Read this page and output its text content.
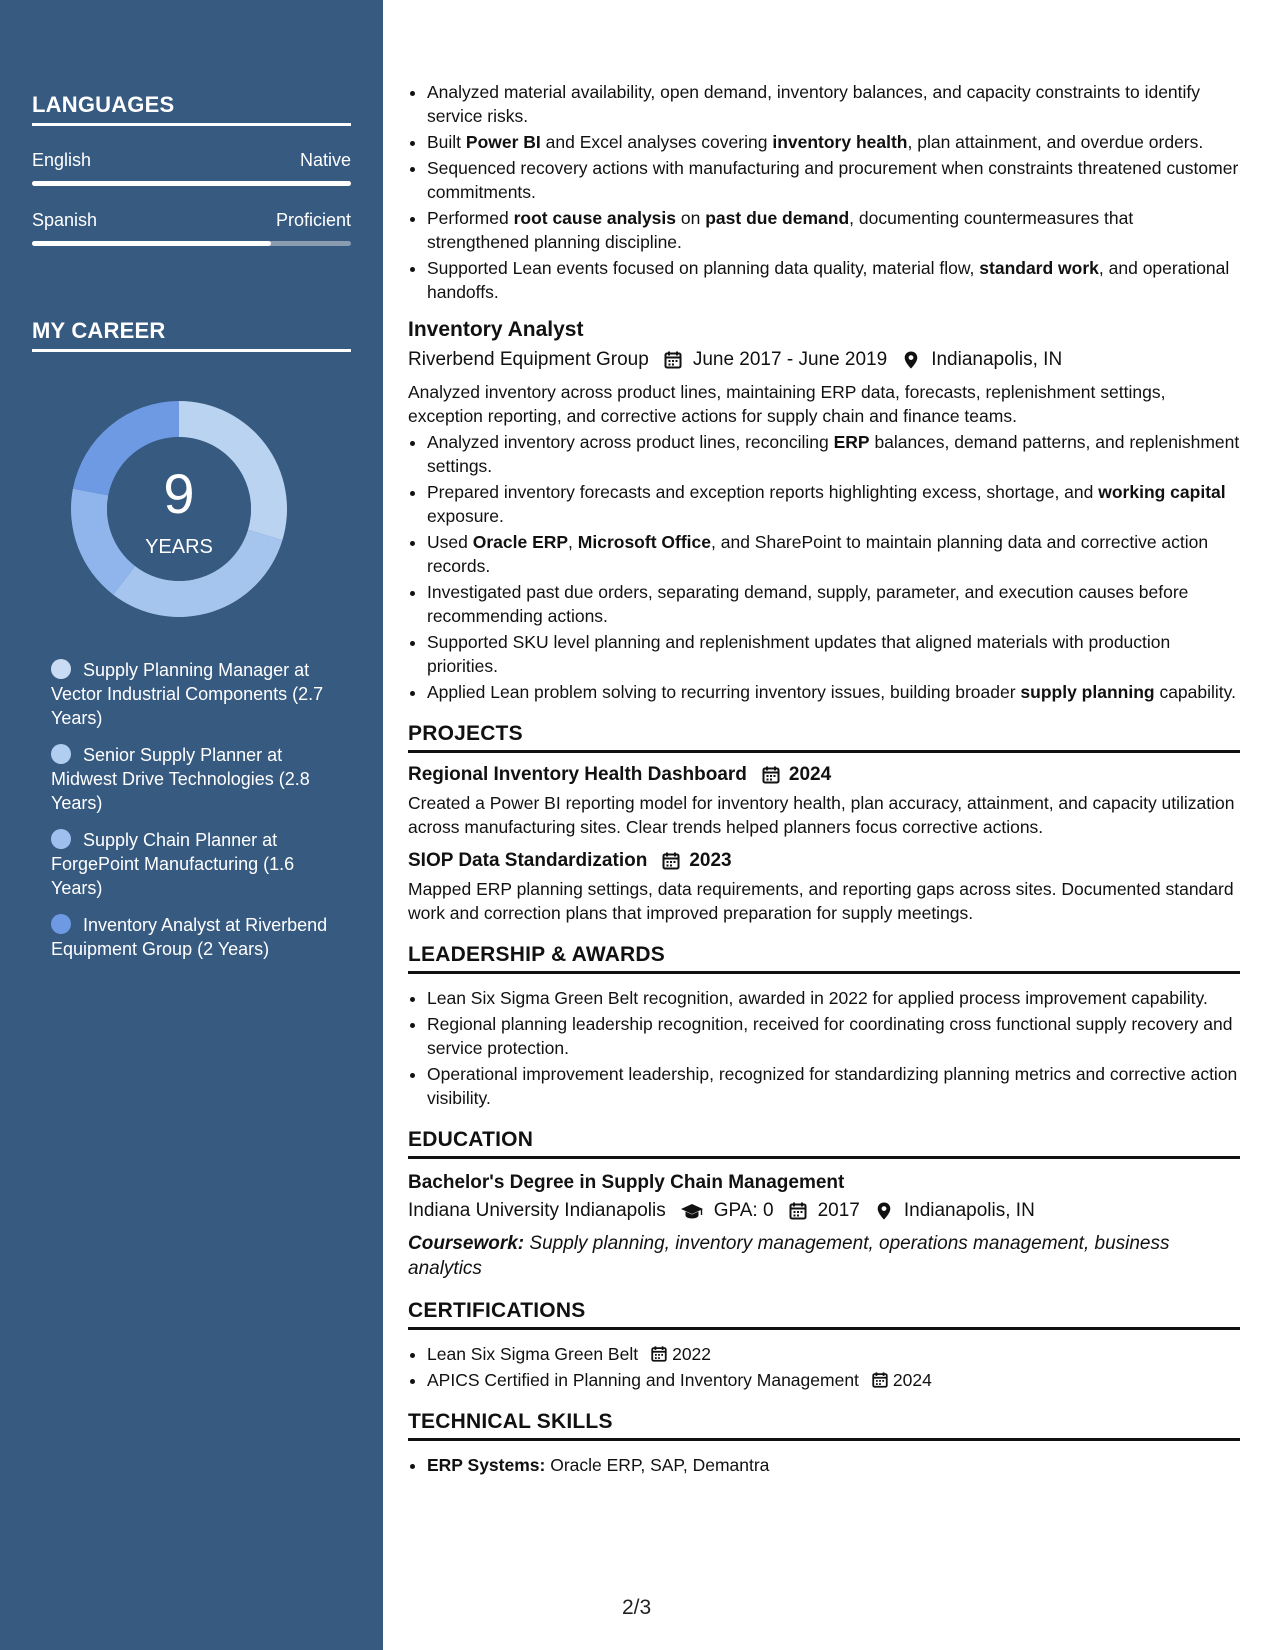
LANGUAGES
English	Native
Spanish	Proficient
MY CAREER
9
YEARS
Supply Planning Manager at Vector Industrial Components (2.7 Years)
Senior Supply Planner at Midwest Drive Technologies (2.8 Years)
Supply Chain Planner at ForgePoint Manufacturing (1.6 Years)
Inventory Analyst at Riverbend Equipment Group (2 Years)
• Analyzed material availability, open demand, inventory balances, and capacity constraints to identify service risks.
• Built Power BI and Excel analyses covering inventory health, plan attainment, and overdue orders.
• Sequenced recovery actions with manufacturing and procurement when constraints threatened customer commitments.
• Performed root cause analysis on past due demand, documenting countermeasures that strengthened planning discipline.
• Supported Lean events focused on planning data quality, material flow, standard work, and operational handoffs.
Inventory Analyst
Riverbend Equipment Group June 2017 - June 2019 Indianapolis, IN
Analyzed inventory across product lines, maintaining ERP data, forecasts, replenishment settings, exception reporting, and corrective actions for supply chain and finance teams.
• Analyzed inventory across product lines, reconciling ERP balances, demand patterns, and replenishment settings.
• Prepared inventory forecasts and exception reports highlighting excess, shortage, and working capital exposure.
• Used Oracle ERP, Microsoft Office, and SharePoint to maintain planning data and corrective action records.
• Investigated past due orders, separating demand, supply, parameter, and execution causes before recommending actions.
• Supported SKU level planning and replenishment updates that aligned materials with production priorities.
• Applied Lean problem solving to recurring inventory issues, building broader supply planning capability.
PROJECTS
Regional Inventory Health Dashboard 2024
Created a Power BI reporting model for inventory health, plan accuracy, attainment, and capacity utilization across manufacturing sites. Clear trends helped planners focus corrective actions.
SIOP Data Standardization 2023
Mapped ERP planning settings, data requirements, and reporting gaps across sites. Documented standard work and correction plans that improved preparation for supply meetings.
LEADERSHIP & AWARDS
• Lean Six Sigma Green Belt recognition, awarded in 2022 for applied process improvement capability.
• Regional planning leadership recognition, received for coordinating cross functional supply recovery and service protection.
• Operational improvement leadership, recognized for standardizing planning metrics and corrective action visibility.
EDUCATION
Bachelor's Degree in Supply Chain Management
Indiana University Indianapolis	GPA: 0 2017 Indianapolis, IN
Coursework: Supply planning, inventory management, operations management, business analytics
CERTIFICATIONS
• Lean Six Sigma Green Belt 2022
• APICS Certified in Planning and Inventory Management 2024
TECHNICAL SKILLS
• ERP Systems: Oracle ERP, SAP, Demantra
2/3
